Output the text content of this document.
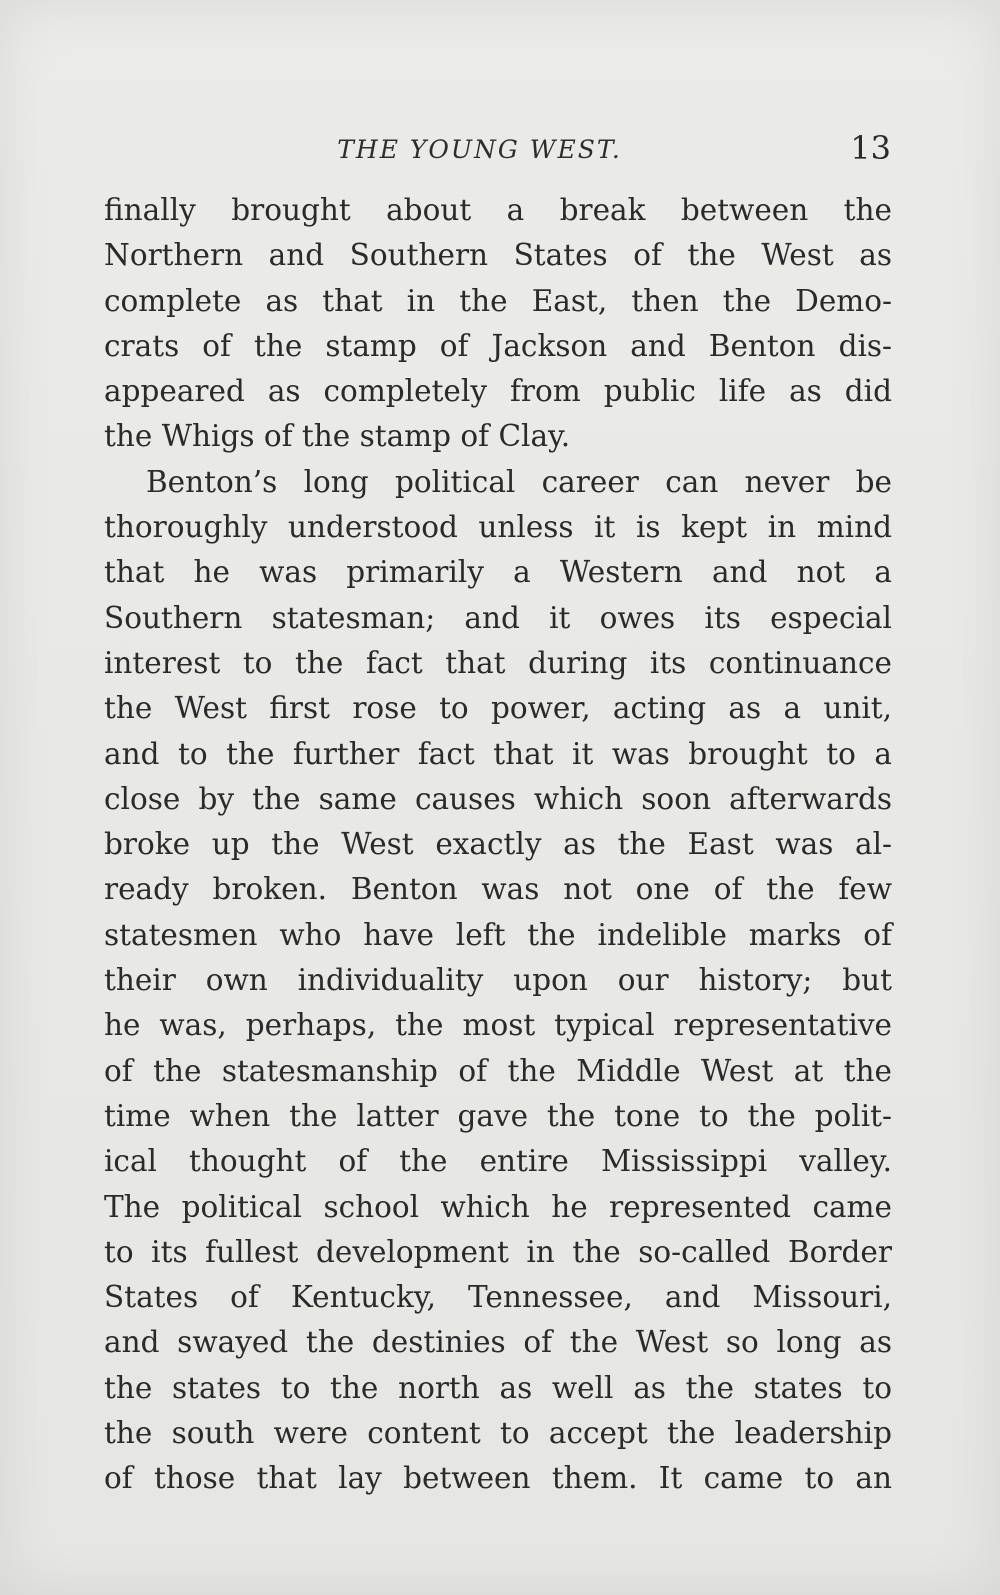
THE YOUNG WEST.	13
finally brought about a break between the
Northern and Southern States of the West as
complete as that in the East, then the Demo-
crats of the stamp of Jackson and Benton dis-
appeared as completely from public life as did
the Whigs of the stamp of Clay.
Benton’s long political career can never be
thoroughly understood unless it is kept in mind
that he was primarily a Western and not a
Southern statesman; and it owes its especial
interest to the fact that during its continuance
the West first rose to power, acting as a unit,
and to the further fact that it was brought to a
close by the same causes which soon afterwards
broke up the West exactly as the East was al-
ready broken. Benton was not one of the few
statesmen who have left the indelible marks of
their own individuality upon our history; but
he was, perhaps, the most typical representative
of the statesmanship of the Middle West at the
time when the latter gave the tone to the polit-
ical thought of the entire Mississippi valley.
The political school which he represented came
to its fullest development in the so-called Border
States of Kentucky, Tennessee, and Missouri,
and swayed the destinies of the West so long as
the states to the north as well as the states to
the south were content to accept the leadership
of those that lay between them. It came to an
